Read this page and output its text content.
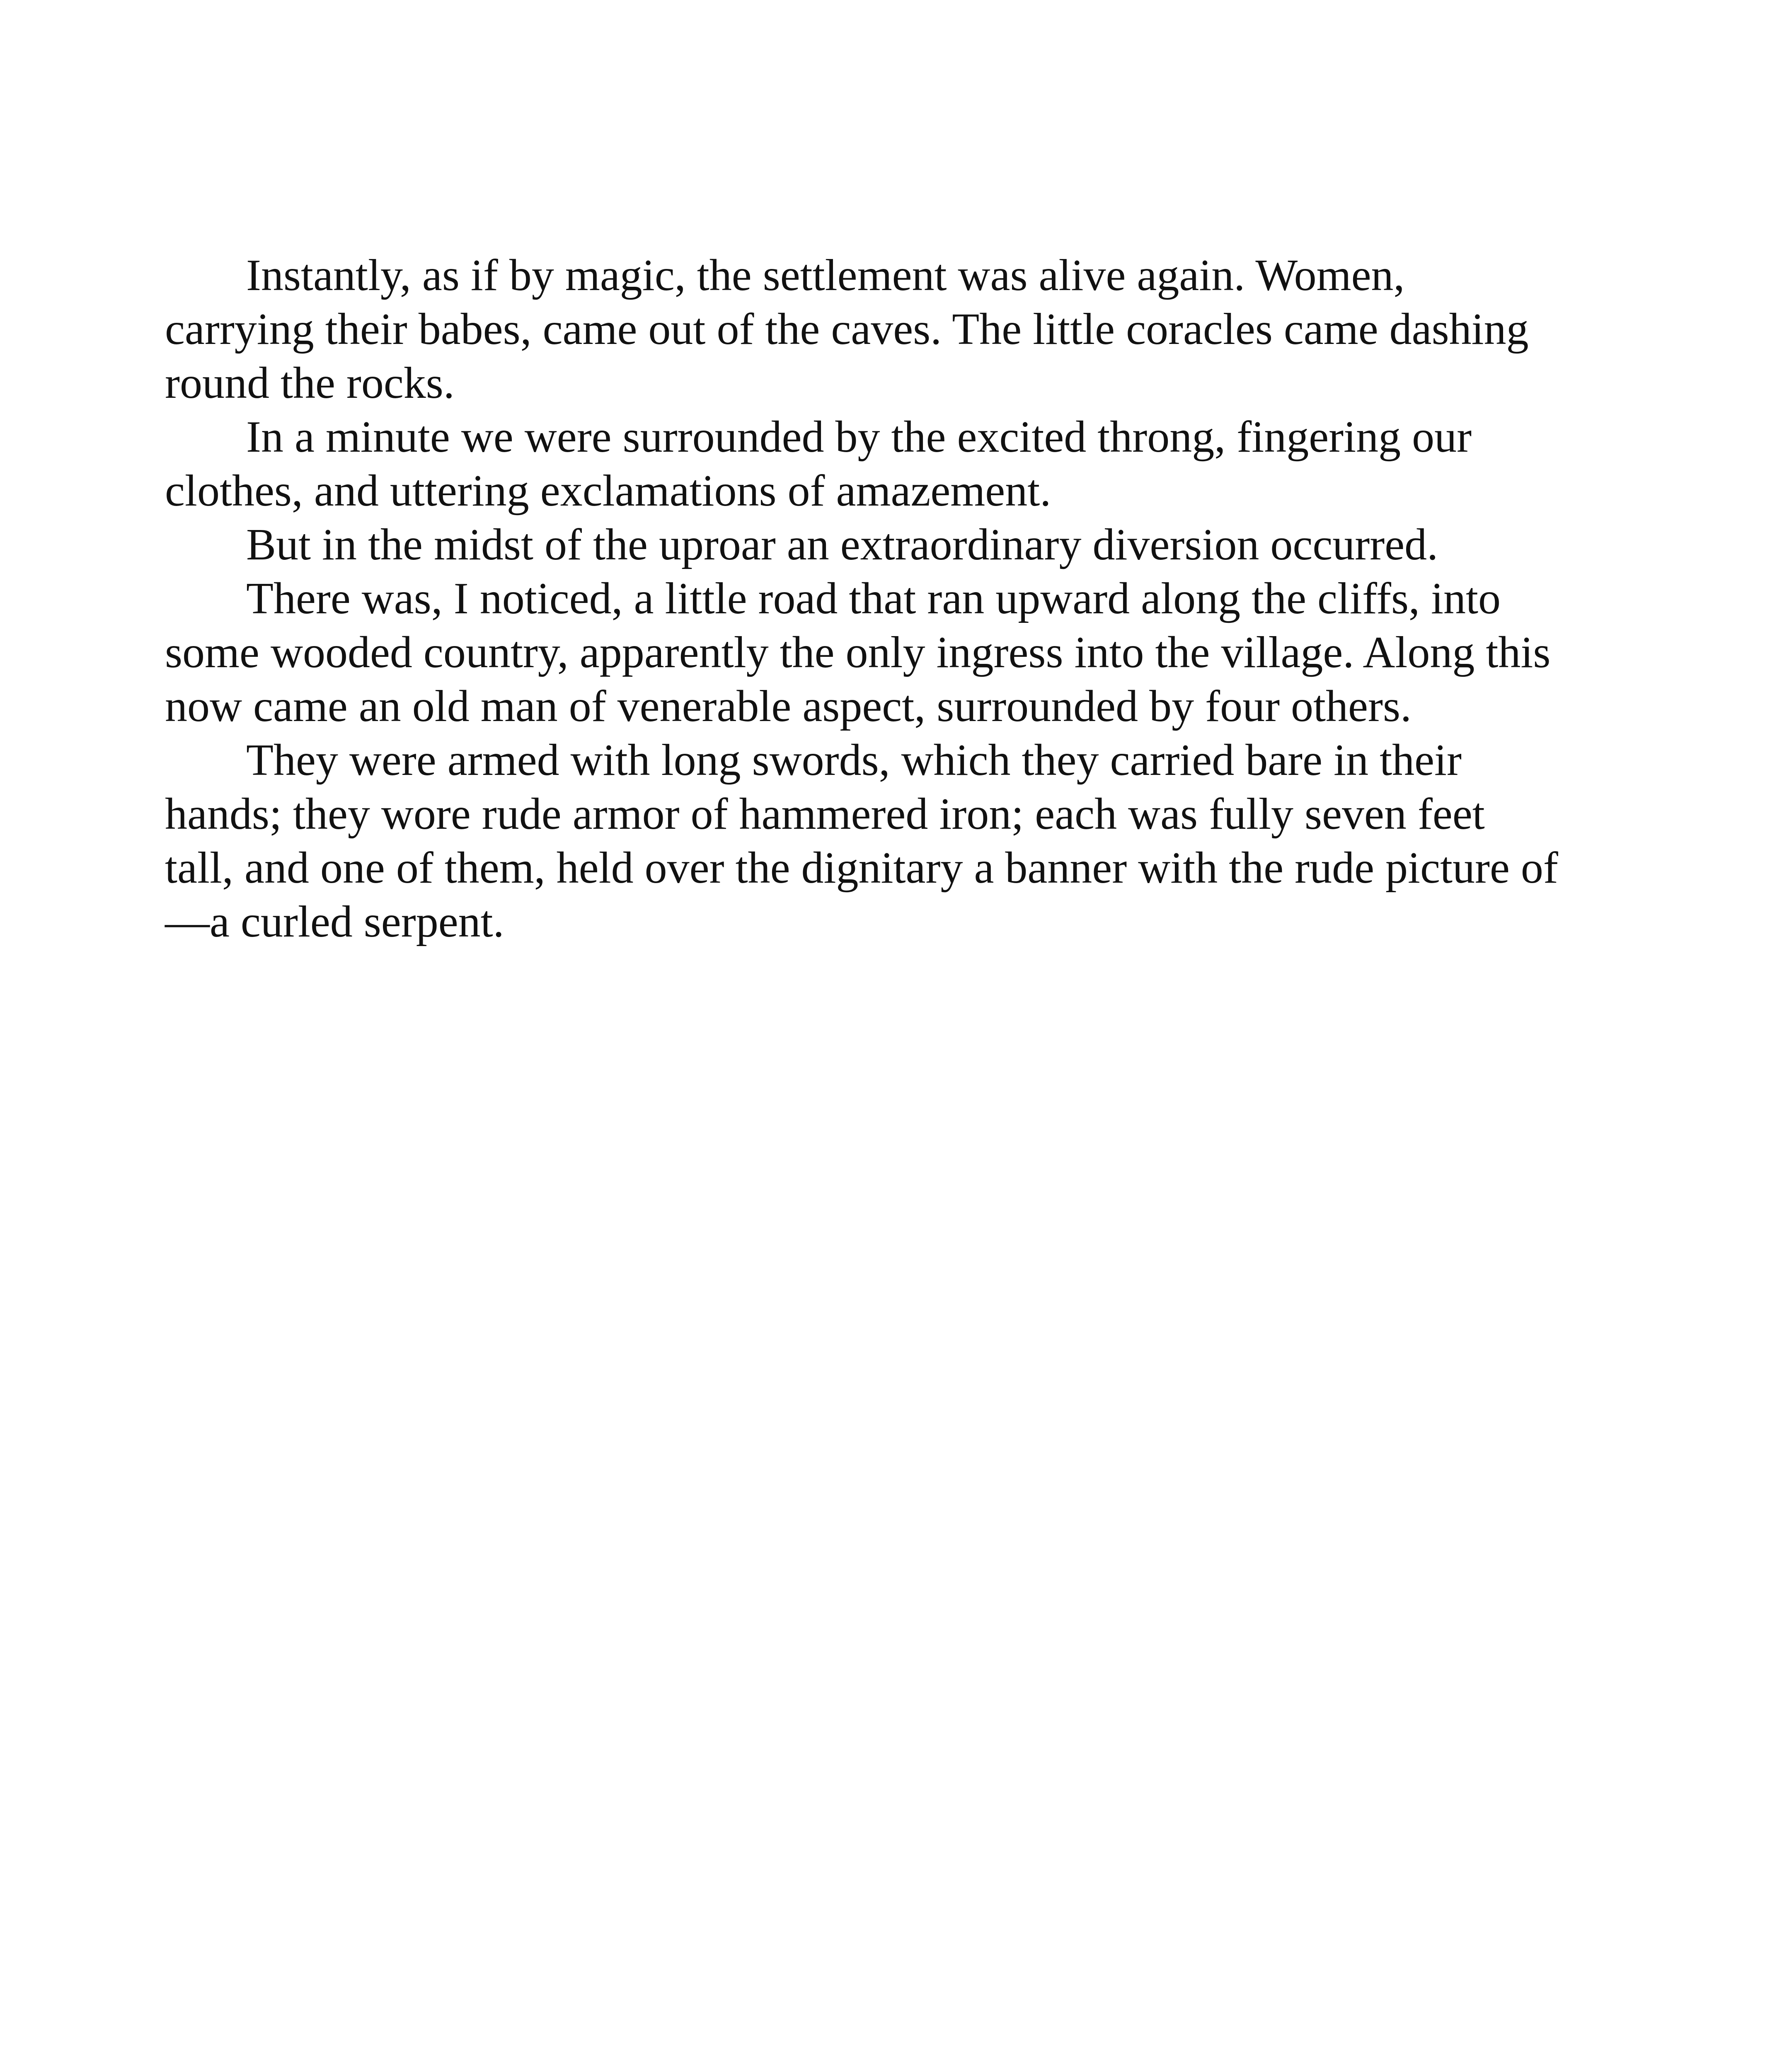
Instantly, as if by magic, the settlement was alive again. Women,
carrying their babes, came out of the caves. The little coracles came dashing
round the rocks.
In a minute we were surrounded by the excited throng, fingering our
clothes, and uttering exclamations of amazement.
But in the midst of the uproar an extraordinary diversion occurred.
There was, I noticed, a little road that ran upward along the cliffs, into
some wooded country, apparently the only ingress into the village. Along this
now came an old man of venerable aspect, surrounded by four others.
They were armed with long swords, which they carried bare in their
hands; they wore rude armor of hammered iron; each was fully seven feet
tall, and one of them, held over the dignitary a banner with the rude picture of
—a curled serpent.
